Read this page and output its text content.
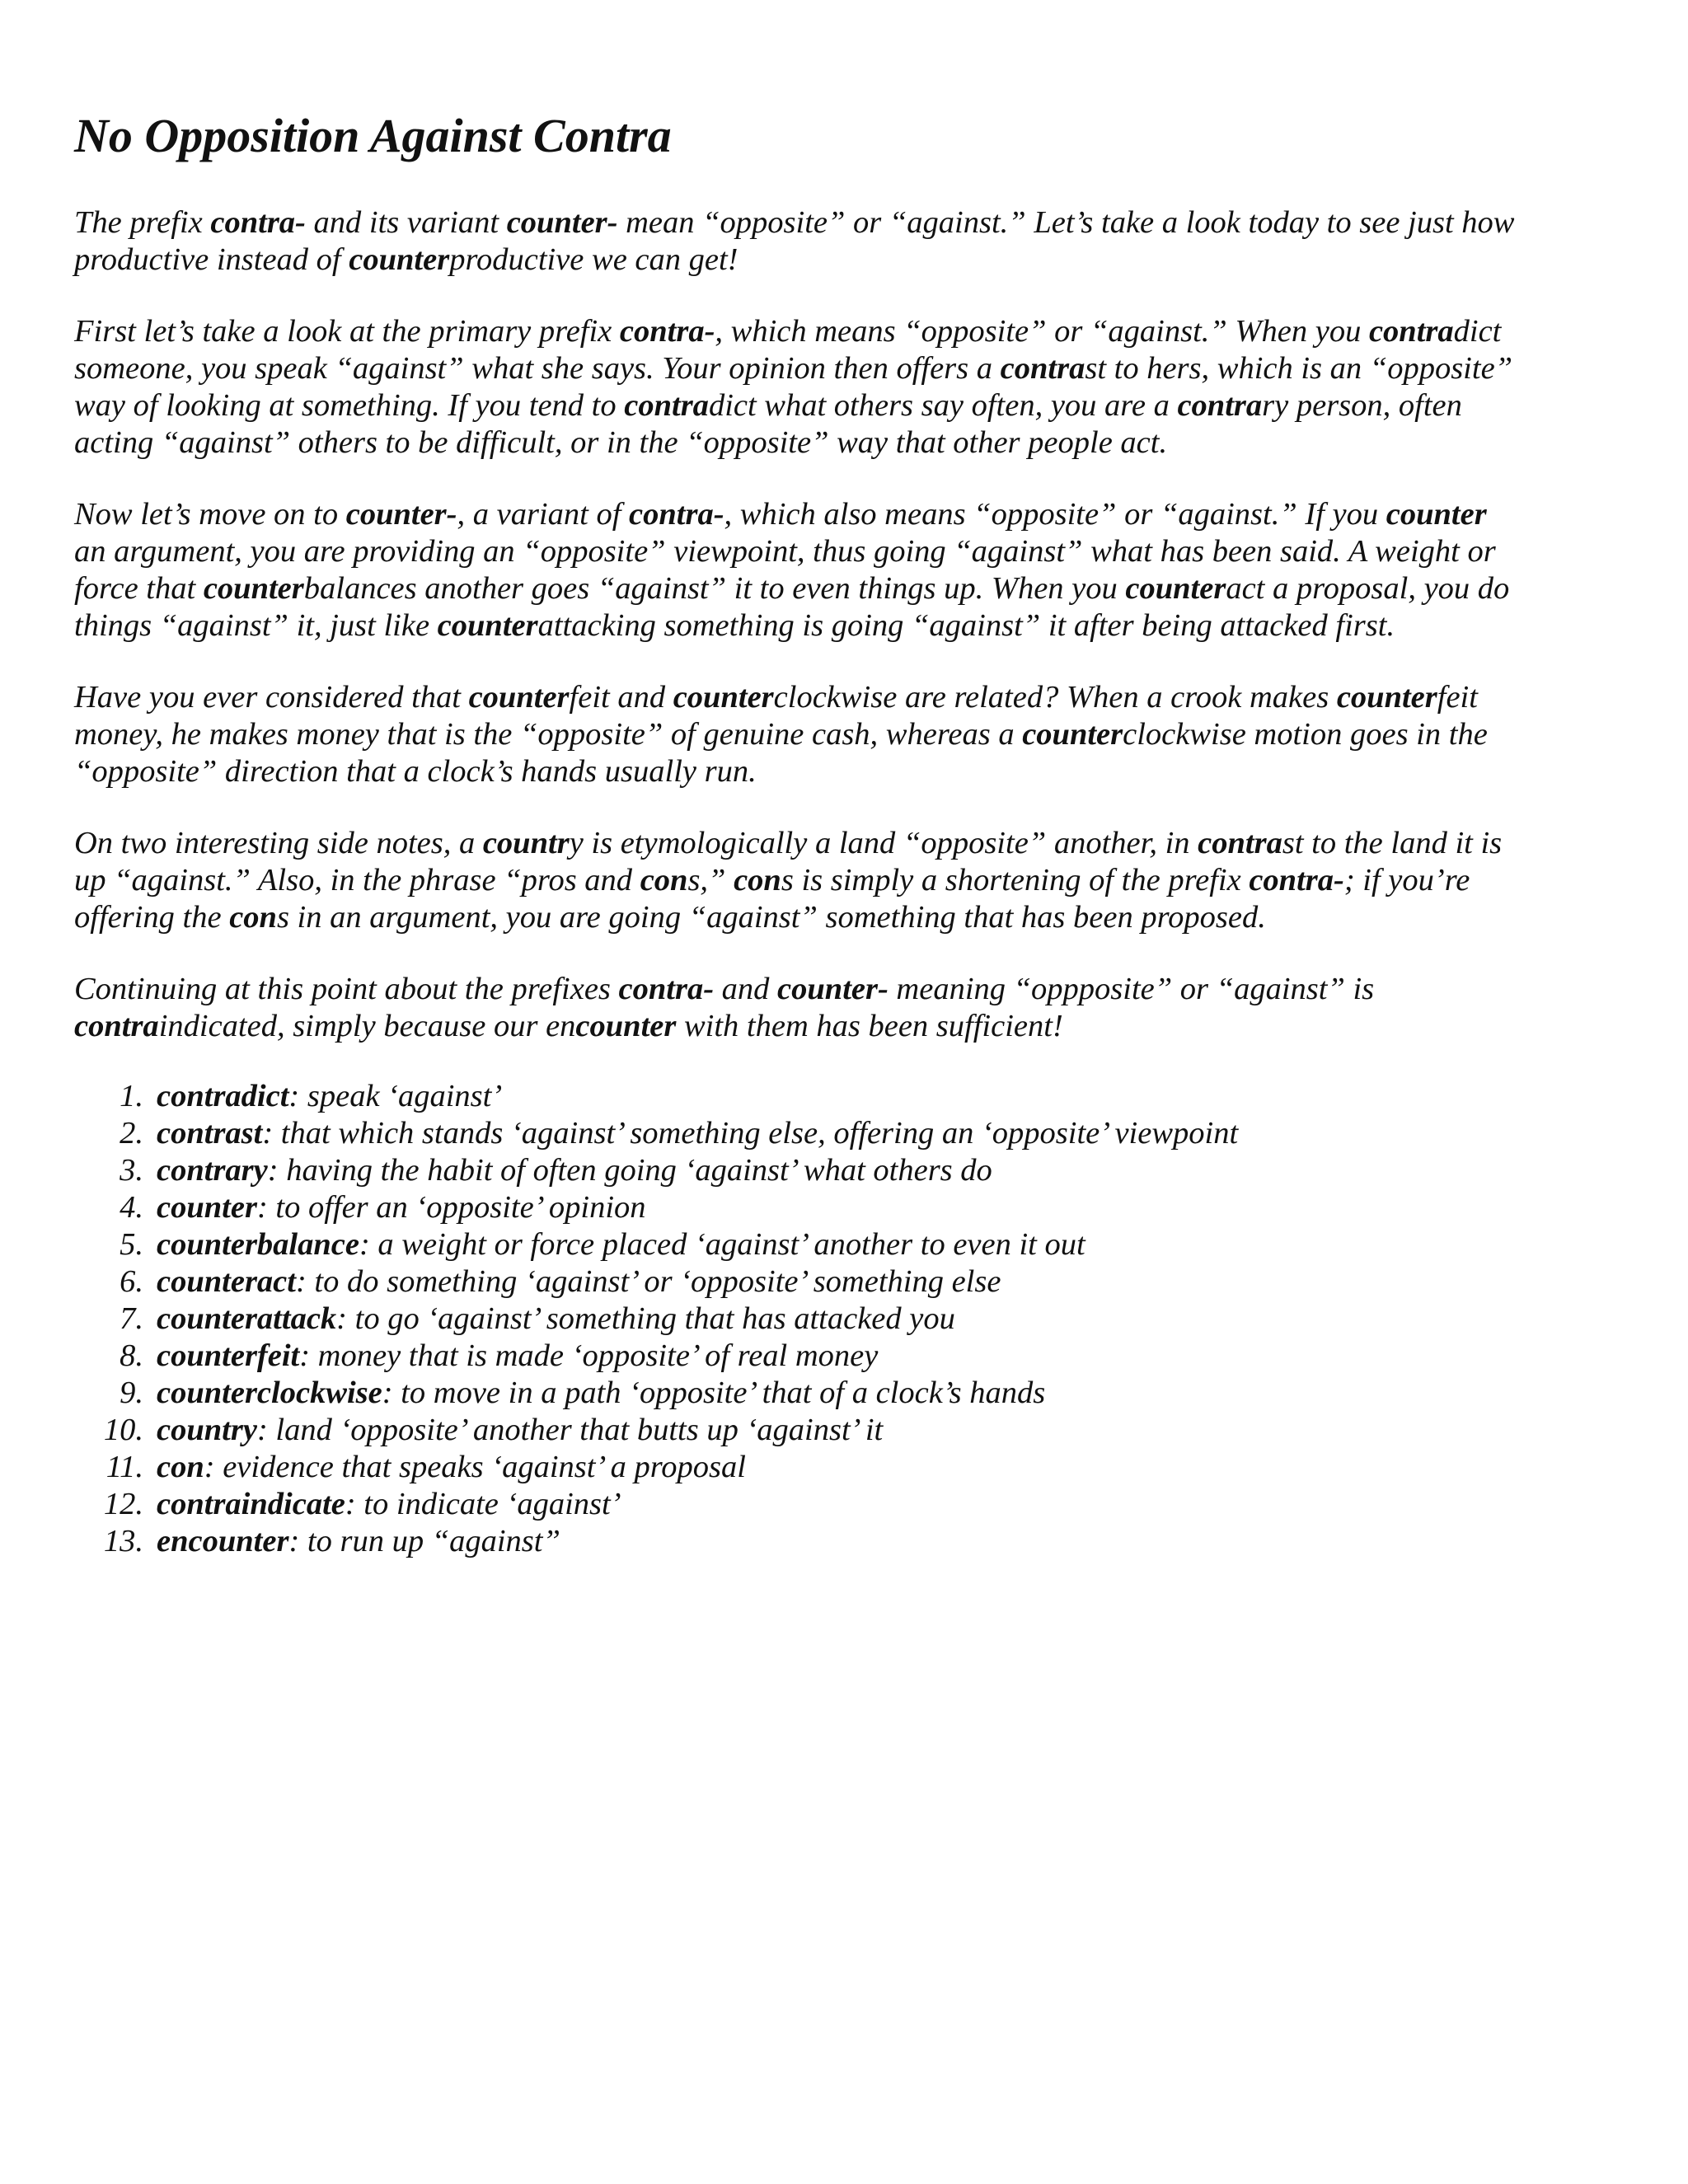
No Opposition Against Contra

The prefix contra- and its variant counter- mean “opposite” or “against.” Let’s take a look today to see just how
productive instead of counterproductive we can get!

First let’s take a look at the primary prefix contra-, which means “opposite” or “against.” When you contradict
someone, you speak “against” what she says. Your opinion then offers a contrast to hers, which is an “opposite”
way of looking at something. If you tend to contradict what others say often, you are a contrary person, often
acting “against” others to be difficult, or in the “opposite” way that other people act.

Now let’s move on to counter-, a variant of contra-, which also means “opposite” or “against.” If you counter
an argument, you are providing an “opposite” viewpoint, thus going “against” what has been said. A weight or
force that counterbalances another goes “against” it to even things up. When you counteract a proposal, you do
things “against” it, just like counterattacking something is going “against” it after being attacked first.

Have you ever considered that counterfeit and counterclockwise are related? When a crook makes counterfeit
money, he makes money that is the “opposite” of genuine cash, whereas a counterclockwise motion goes in the
“opposite” direction that a clock’s hands usually run.

On two interesting side notes, a country is etymologically a land “opposite” another, in contrast to the land it is
up “against.” Also, in the phrase “pros and cons,” cons is simply a shortening of the prefix contra-; if you’re
offering the cons in an argument, you are going “against” something that has been proposed.

Continuing at this point about the prefixes contra- and counter- meaning “oppposite” or “against” is
contraindicated, simply because our encounter with them has been sufficient!

1. contradict: speak ‘against’
2. contrast: that which stands ‘against’ something else, offering an ‘opposite’ viewpoint
3. contrary: having the habit of often going ‘against’ what others do
4. counter: to offer an ‘opposite’ opinion
5. counterbalance: a weight or force placed ‘against’ another to even it out
6. counteract: to do something ‘against’ or ‘opposite’ something else
7. counterattack: to go ‘against’ something that has attacked you
8. counterfeit: money that is made ‘opposite’ of real money
9. counterclockwise: to move in a path ‘opposite’ that of a clock’s hands
10. country: land ‘opposite’ another that butts up ‘against’ it
11. con: evidence that speaks ‘against’ a proposal
12. contraindicate: to indicate ‘against’
13. encounter: to run up “against”
